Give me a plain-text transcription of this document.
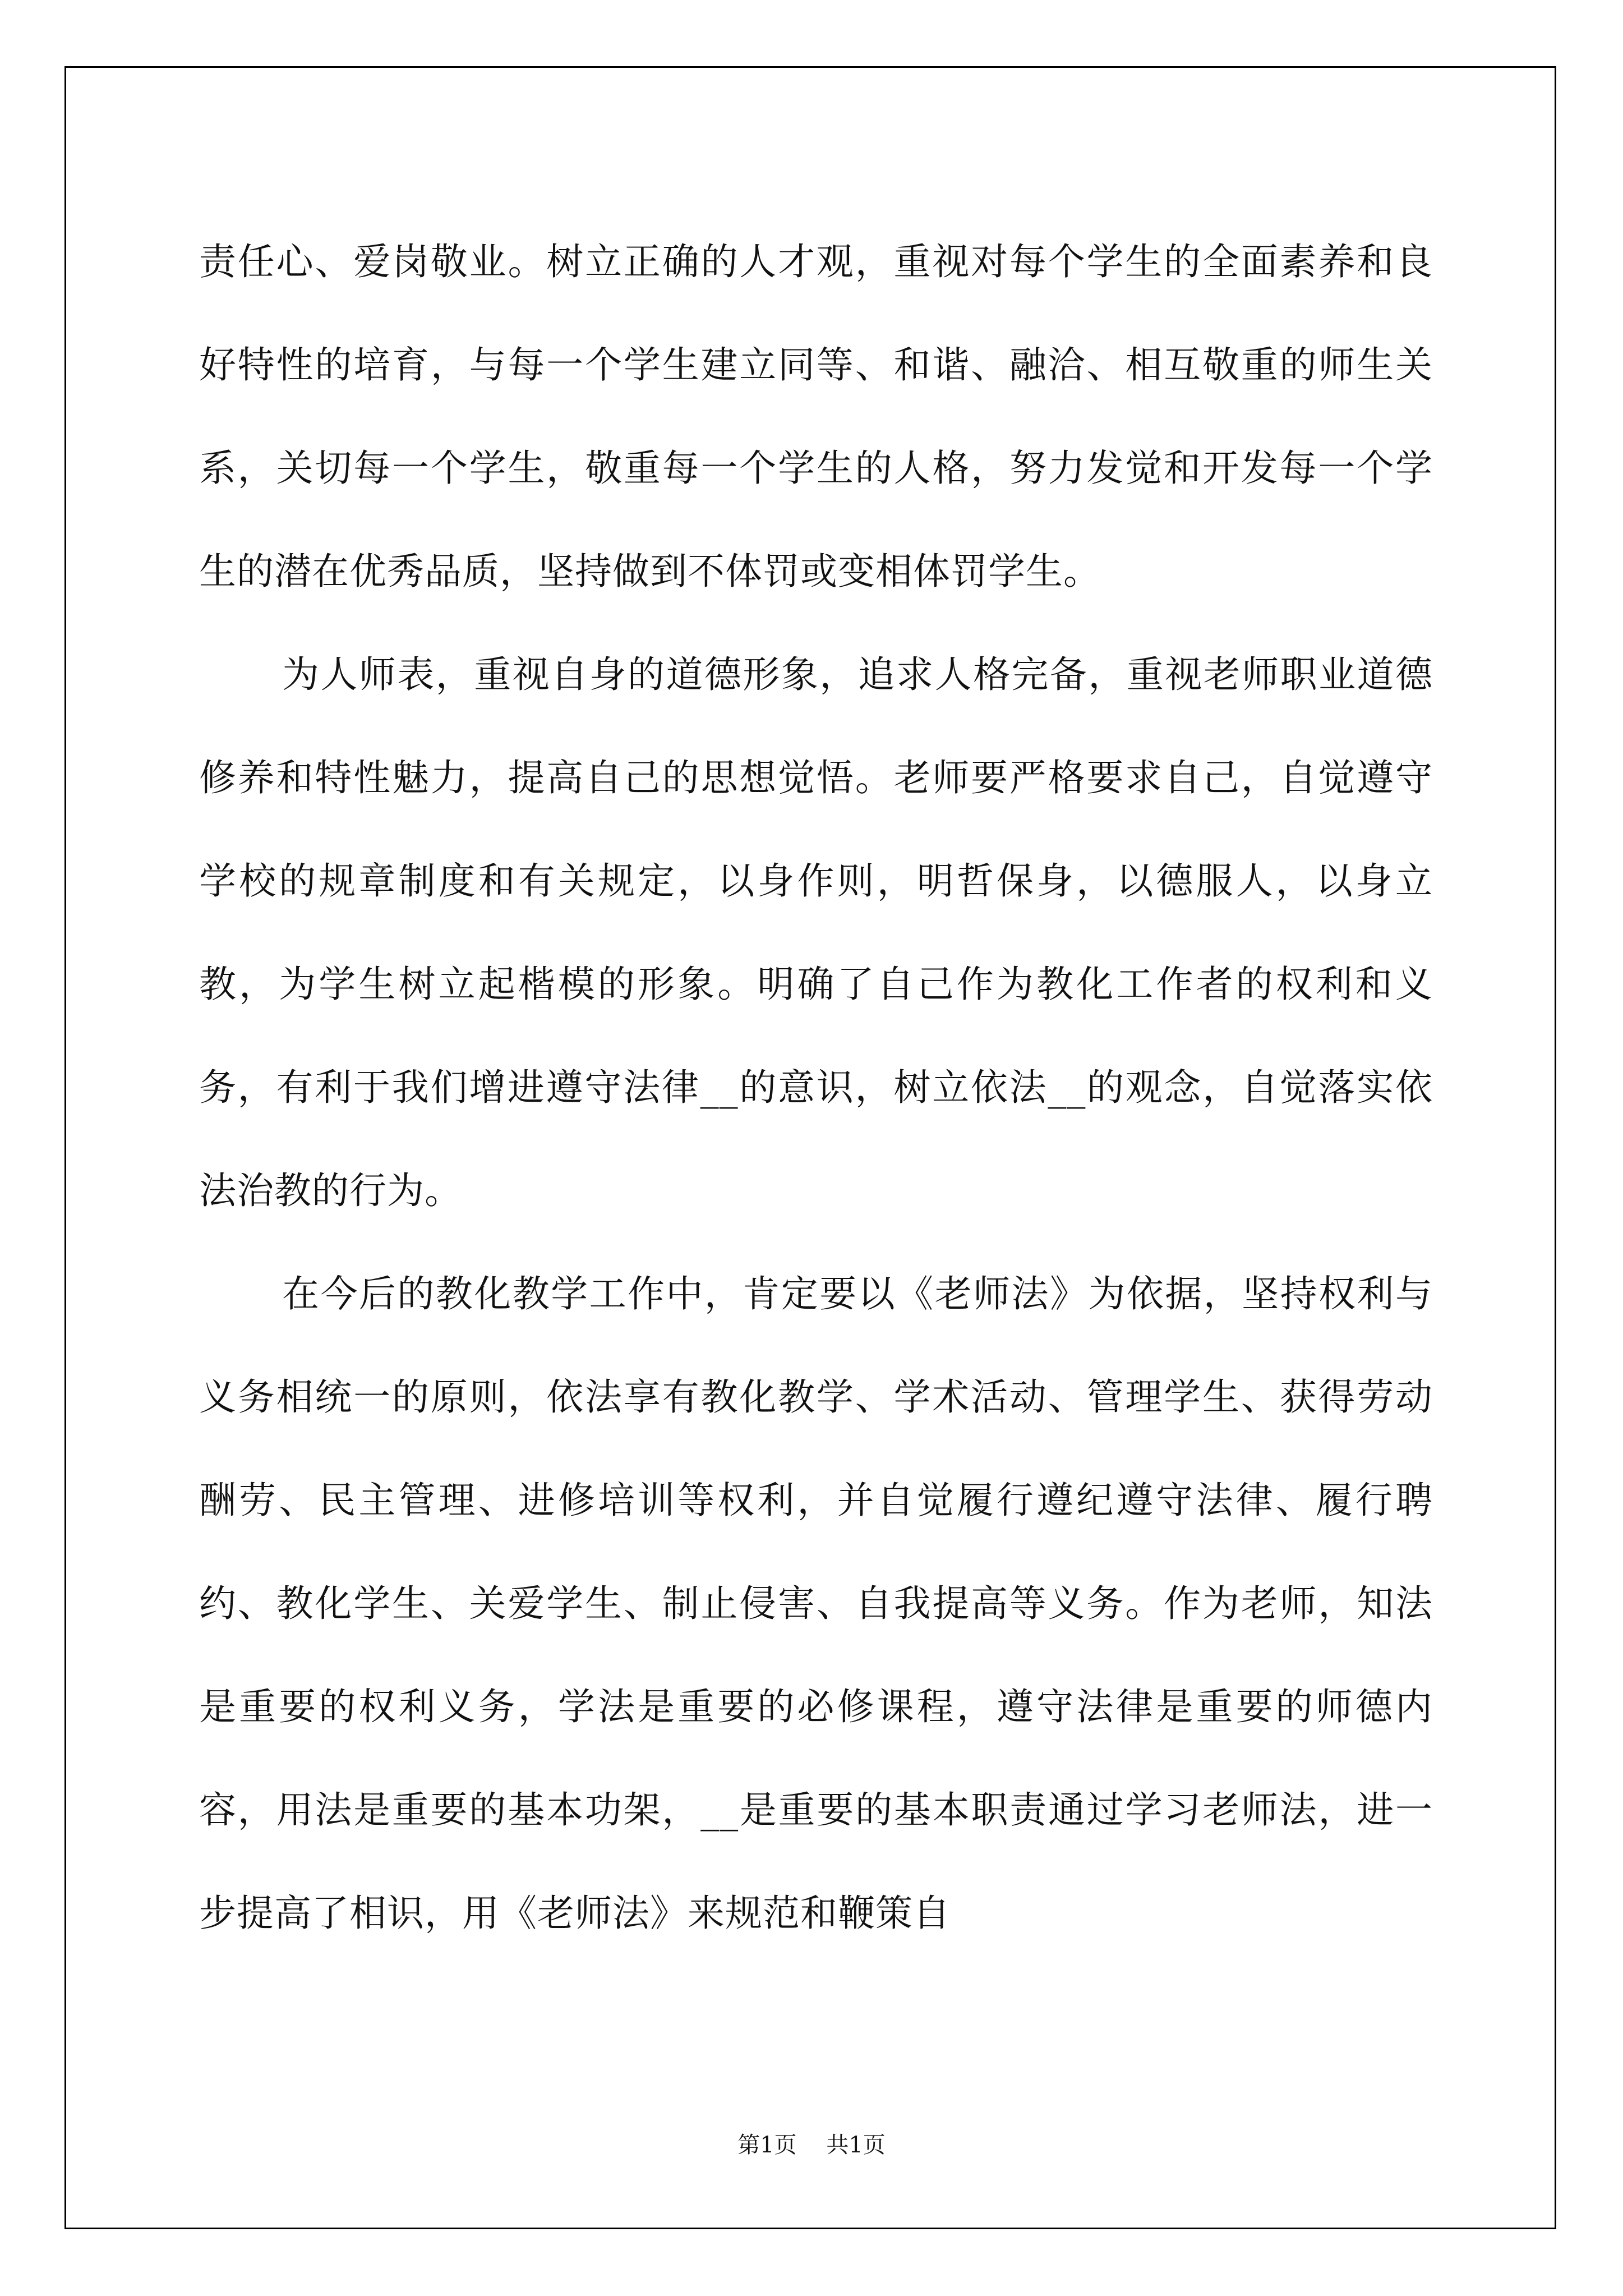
责任心、爱岗敬业。树立正确的人才观，重视对每个学生的全面素养和良好特性的培育，与每一个学生建立同等、和谐、融洽、相互敬重的师生关系，关切每一个学生，敬重每一个学生的人格，努力发觉和开发每一个学生的潜在优秀品质，坚持做到不体罚或变相体罚学生。

为人师表，重视自身的道德形象，追求人格完备，重视老师职业道德修养和特性魅力，提高自己的思想觉悟。老师要严格要求自己，自觉遵守学校的规章制度和有关规定，以身作则，明哲保身，以德服人，以身立教，为学生树立起楷模的形象。明确了自己作为教化工作者的权利和义务，有利于我们增进遵守法律__的意识，树立依法__的观念，自觉落实依法治教的行为。

在今后的教化教学工作中，肯定要以《老师法》为依据，坚持权利与义务相统一的原则，依法享有教化教学、学术活动、管理学生、获得劳动酬劳、民主管理、进修培训等权利，并自觉履行遵纪遵守法律、履行聘约、教化学生、关爱学生、制止侵害、自我提高等义务。作为老师，知法是重要的权利义务，学法是重要的必修课程，遵守法律是重要的师德内容，用法是重要的基本功架，__是重要的基本职责通过学习老师法，进一步提高了相识，用《老师法》来规范和鞭策自

第1页 共1页
